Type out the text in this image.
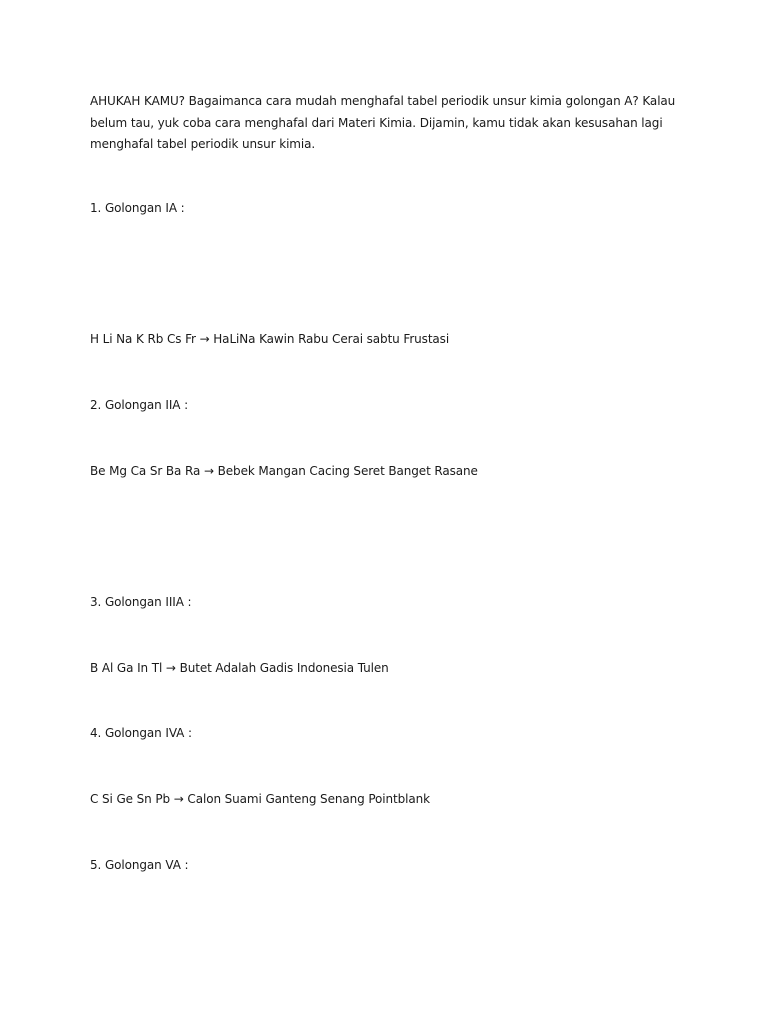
AHUKAH KAMU? Bagaimanca cara mudah menghafal tabel periodik unsur kimia golongan A? Kalau
belum tau, yuk coba cara menghafal dari Materi Kimia. Dijamin, kamu tidak akan kesusahan lagi
menghafal tabel periodik unsur kimia.
1. Golongan IA :
H Li Na K Rb Cs Fr → HaLiNa Kawin Rabu Cerai sabtu Frustasi
2. Golongan IIA :
Be Mg Ca Sr Ba Ra → Bebek Mangan Cacing Seret Banget Rasane
3. Golongan IIIA :
B Al Ga In Tl → Butet Adalah Gadis Indonesia Tulen
4. Golongan IVA :
C Si Ge Sn Pb → Calon Suami Ganteng Senang Pointblank
5. Golongan VA :
